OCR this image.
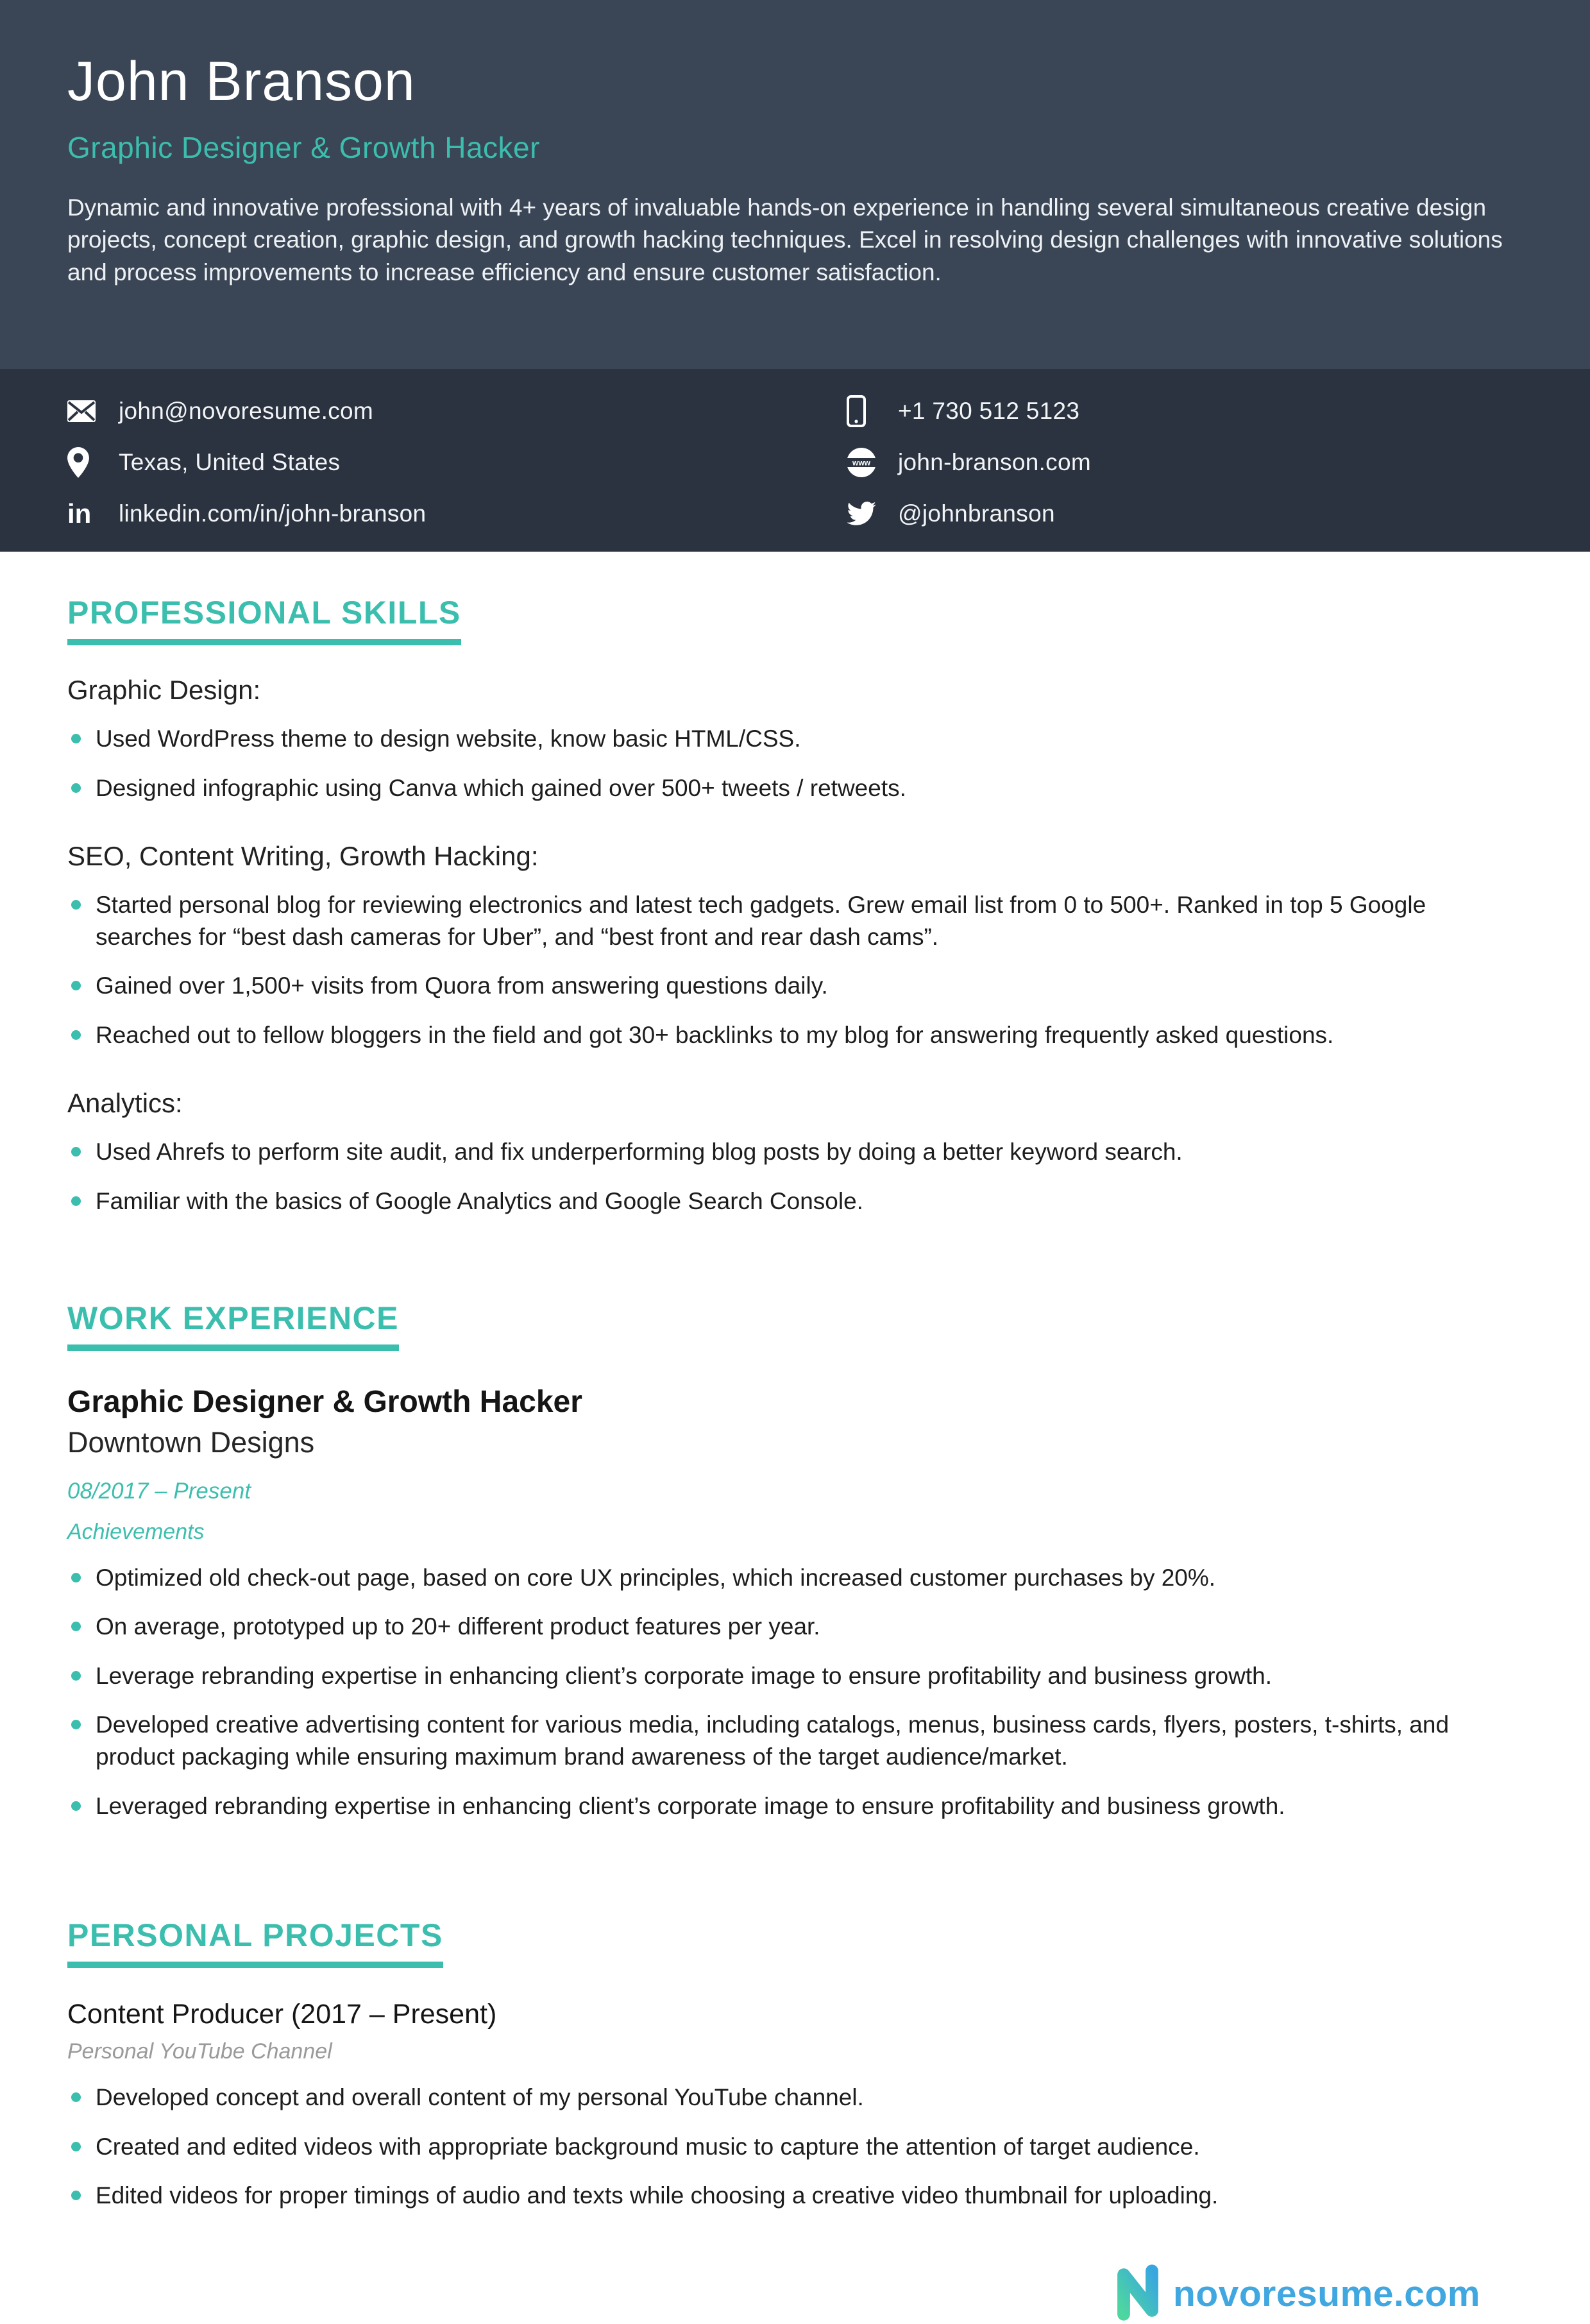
John Branson
Graphic Designer & Growth Hacker

Dynamic and innovative professional with 4+ years of invaluable hands-on experience in handling several simultaneous creative design projects, concept creation, graphic design, and growth hacking techniques. Excel in resolving design challenges with innovative solutions and process improvements to increase efficiency and ensure customer satisfaction.

john@novoresume.com
Texas, United States
in linkedin.com/in/john-branson
+1 730 512 5123
www john-branson.com
@johnbranson
PROFESSIONAL SKILLS
Graphic Design:
Used WordPress theme to design website, know basic HTML/CSS.
Designed infographic using Canva which gained over 500+ tweets / retweets.
SEO, Content Writing, Growth Hacking:
Started personal blog for reviewing electronics and latest tech gadgets. Grew email list from 0 to 500+. Ranked in top 5 Google searches for “best dash cameras for Uber”, and “best front and rear dash cams”.
Gained over 1,500+ visits from Quora from answering questions daily.
Reached out to fellow bloggers in the field and got 30+ backlinks to my blog for answering frequently asked questions.
Analytics:
Used Ahrefs to perform site audit, and fix underperforming blog posts by doing a better keyword search.
Familiar with the basics of Google Analytics and Google Search Console.
WORK EXPERIENCE
Graphic Designer & Growth Hacker
Downtown Designs
08/2017 – Present
Achievements
Optimized old check-out page, based on core UX principles, which increased customer purchases by 20%.
On average, prototyped up to 20+ different product features per year.
Leverage rebranding expertise in enhancing client’s corporate image to ensure profitability and business growth.
Developed creative advertising content for various media, including catalogs, menus, business cards, flyers, posters, t-shirts, and product packaging while ensuring maximum brand awareness of the target audience/market.
Leveraged rebranding expertise in enhancing client’s corporate image to ensure profitability and business growth.
PERSONAL PROJECTS
Content Producer (2017 – Present)
Personal YouTube Channel
Developed concept and overall content of my personal YouTube channel.
Created and edited videos with appropriate background music to capture the attention of target audience.
Edited videos for proper timings of audio and texts while choosing a creative video thumbnail for uploading.
novoresume.com
